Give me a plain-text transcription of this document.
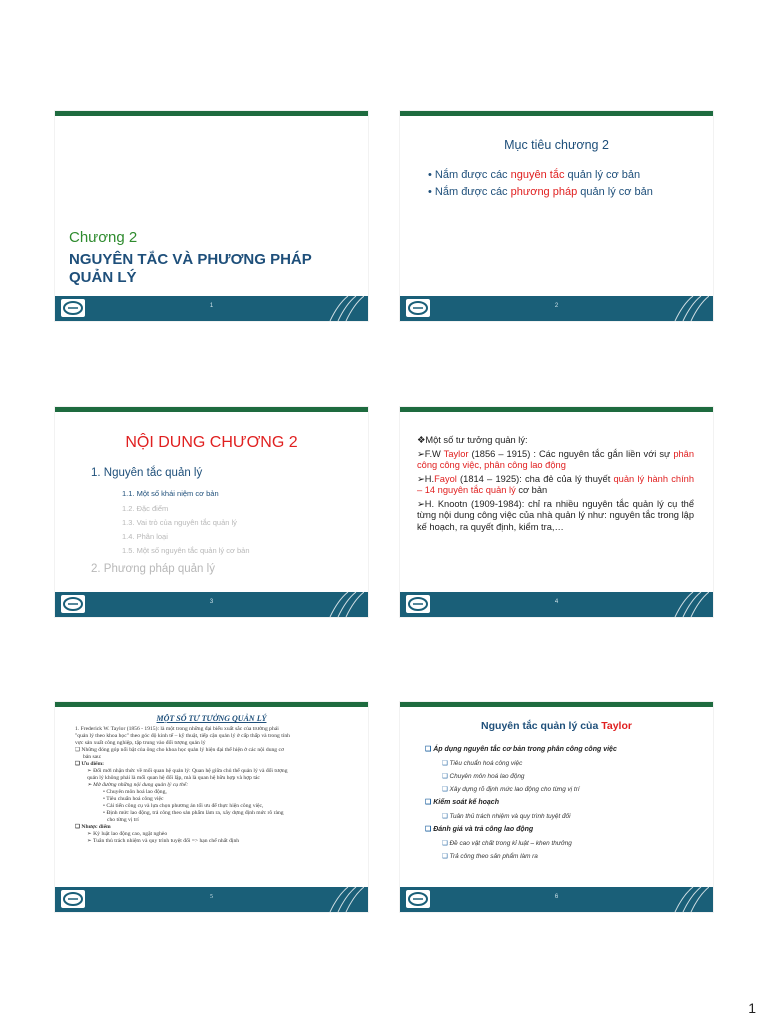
Chương 2
NGUYÊN TẮC VÀ PHƯƠNG PHÁP
QUẢN LÝ
1
Mục tiêu chương 2
• Nắm được các nguyên tắc quản lý cơ bản
• Nắm được các phương pháp quản lý cơ bản
2
NỘI DUNG CHƯƠNG 2
1. Nguyên tắc quản lý
1.1. Một số khái niệm cơ bản
1.2. Đặc điểm
1.3. Vai trò của nguyên tắc quản lý
1.4. Phân loại
1.5. Một số nguyên tắc quản lý cơ bản
2. Phương pháp quản lý
3

❖Một số tư tưởng quản lý:

➢F.W Taylor (1856 – 1915) : Các nguyên tắc gắn liền với sự phân công công việc, phân công lao động

➢H.Fayol (1814 – 1925): cha đẻ của lý thuyết quản lý hành chính – 14 nguyên tắc quản lý cơ bản

➢H. Knootn (1909-1984): chỉ ra nhiều nguyên tắc quản lý cụ thể từng nội dung công việc của nhà quản lý như: nguyên tắc trong lập kế hoạch, ra quyết định, kiểm tra,…

4
MỘT SỐ TƯ TƯỞNG QUẢN LÝ
1. Frederick W. Taylor (1856 - 1915): là một trong những đại biểu xuất sắc của trường phái
"quản lý theo khoa học" theo góc độ kinh tế – kỹ thuật, tiếp cận quản lý ở cấp thấp và trong tính
vực sản xuất công nghiệp, tập trung vào đối tượng quản lý
❑ Những đóng góp nổi bật của ông cho khoa học quản lý hiện đại thể hiện ở các nội dung cơ
bản sau:
❑ Ưu điểm:
➢ Đối mới nhận thức về mối quan hệ quản lý: Quan hệ giữa chủ thể quản lý và đối tượng
quản lý không phải là mối quan hệ đối lập, mà là quan hệ hữu hợp và hợp tác
➢ Mở đường những nội dung quản lý cụ thể:
• Chuyên môn hoá lao động,
• Tiêu chuẩn hoá công việc
• Cải tiến công cụ và lựa chọn phương án tối ưu để thực hiện công việc,
• Định mức lao động, trả công theo sản phẩm làm ra, xây dựng định mức rõ ràng
cho từng vị trí
❑ Nhược điểm
➢ Kỷ luật lao động cao, ngặt nghèo
➢ Tuân thủ trách nhiệm và quy trình tuyệt đối => hạn chế nhất định
5
Nguyên tắc quản lý của Taylor
❑ Áp dụng nguyên tắc cơ bản trong phân công công việc
❑ Tiêu chuẩn hoá công việc
❑ Chuyên môn hoá lao động
❑ Xây dựng rõ định mức lao động cho từng vị trí
❑ Kiểm soát kế hoạch
❑ Tuân thủ trách nhiệm và quy trình tuyệt đối
❑ Đánh giá và trả công lao động
❑ Đề cao vật chất trong kỉ luật – khen thưởng
❑ Trả công theo sản phẩm làm ra
6
1
